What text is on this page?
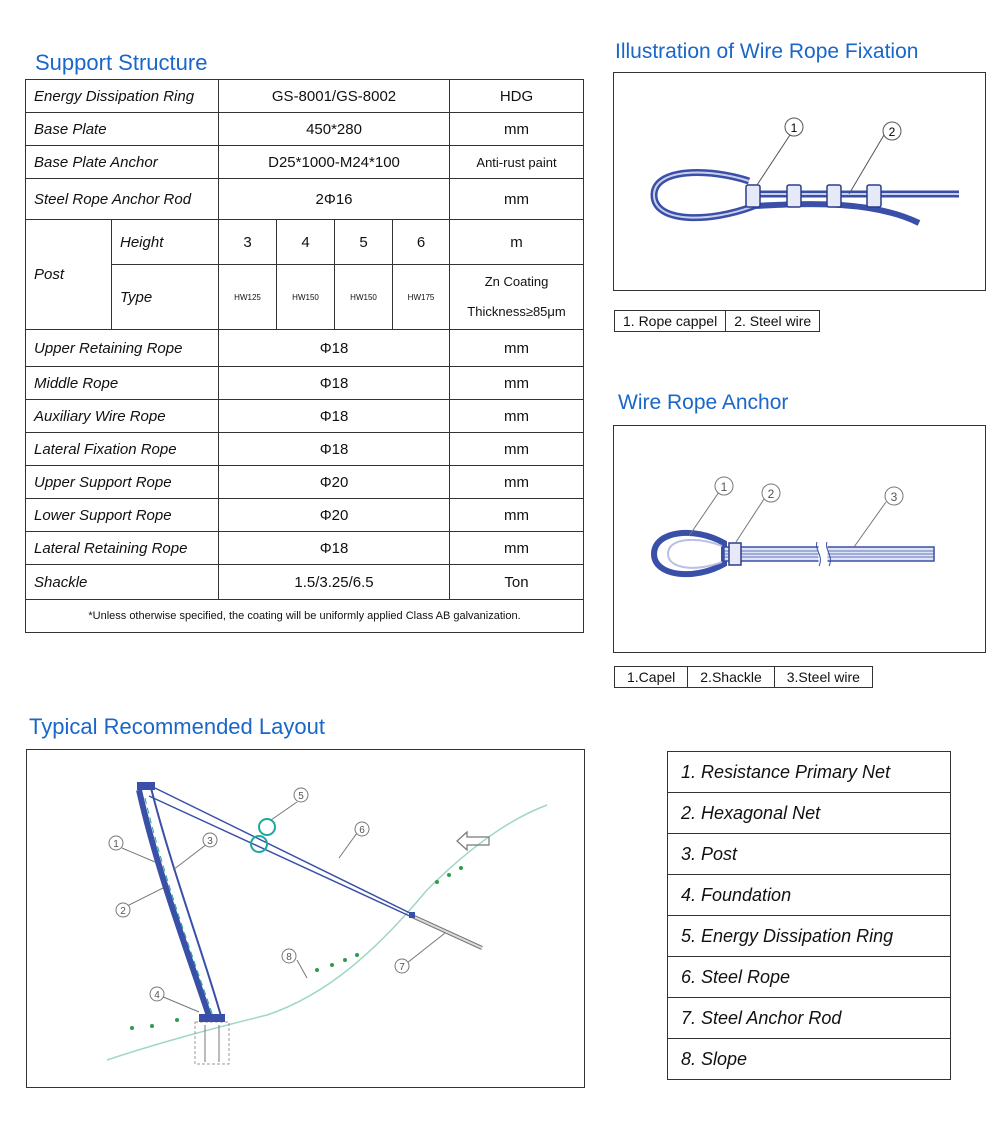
Support Structure
Energy Dissipation Ring		GS-8001/GS-8002				HDG
Base Plate		450*280				mm
Base Plate Anchor		D25*1000-M24*100				Anti-rust paint
Steel Rope Anchor Rod		2Φ16				mm
Post	Height	3	4	5	6	m
	Type	HW125	HW150	HW150	HW175	Zn Coating
Thickness≥85μm

Upper Retaining Rope		Φ18				mm
Middle Rope		Φ18				mm
Auxiliary Wire Rope		Φ18				mm
Lateral Fixation Rope		Φ18				mm
Upper Support Rope		Φ20				mm
Lower Support Rope		Φ20				mm
Lateral Retaining Rope		Φ18				mm
Shackle		1.5/3.25/6.5				Ton
*Unless otherwise specified, the coating will be uniformly applied Class AB galvanization.						
Illustration of Wire Rope Fixation
1	2
1. Rope cappel	2. Steel wire
Wire Rope Anchor
1	2	3
1.Capel	2.Shackle	3.Steel wire
Typical Recommended Layout
1
2
3
4
5
6
7
8
1. Resistance Primary Net
2. Hexagonal Net
3. Post
4. Foundation
5. Energy Dissipation Ring
6. Steel Rope
7. Steel Anchor Rod
8. Slope
